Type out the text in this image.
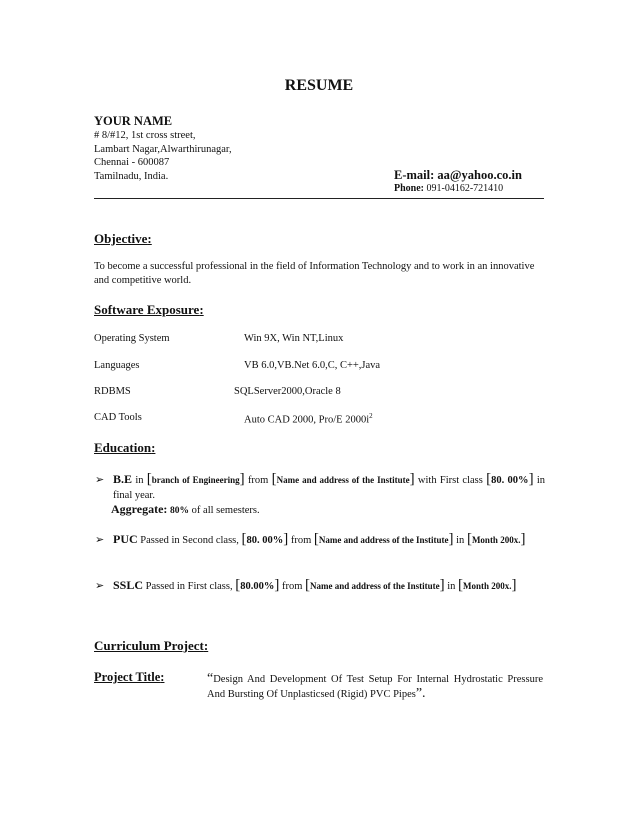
RESUME
YOUR NAME
# 8/#12, 1st cross street,
Lambart Nagar,Alwarthirunagar,
Chennai - 600087
Tamilnadu, India.	E-mail: aa@yahoo.co.in
Phone: 091-04162-721410
Objective:
To become a successful professional in the field of Information Technology and to work in an innovative and competitive world.
Software Exposure:
Operating System	Win 9X, Win NT,Linux
Languages	VB 6.0,VB.Net 6.0,C, C++,Java
RDBMS	SQLServer2000,Oracle 8
CAD Tools	Auto CAD 2000, Pro/E $2000i^2$
Education:
➢ B.E in [branch of Engineering] from [Name and address of the Institute] with First class [80. 00%] in final year.
Aggregate: 80% of all semesters.
➢ PUC Passed in Second class, [80. 00%] from [Name and address of the Institute] in [Month 200x.]
➢ SSLC Passed in First class, [80.00%] from [Name and address of the Institute] in [Month 200x.]
Curriculum Project:
Project Title:	“Design And Development Of Test Setup For Internal Hydrostatic Pressure And Bursting Of Unplasticsed (Rigid) PVC Pipes”.
